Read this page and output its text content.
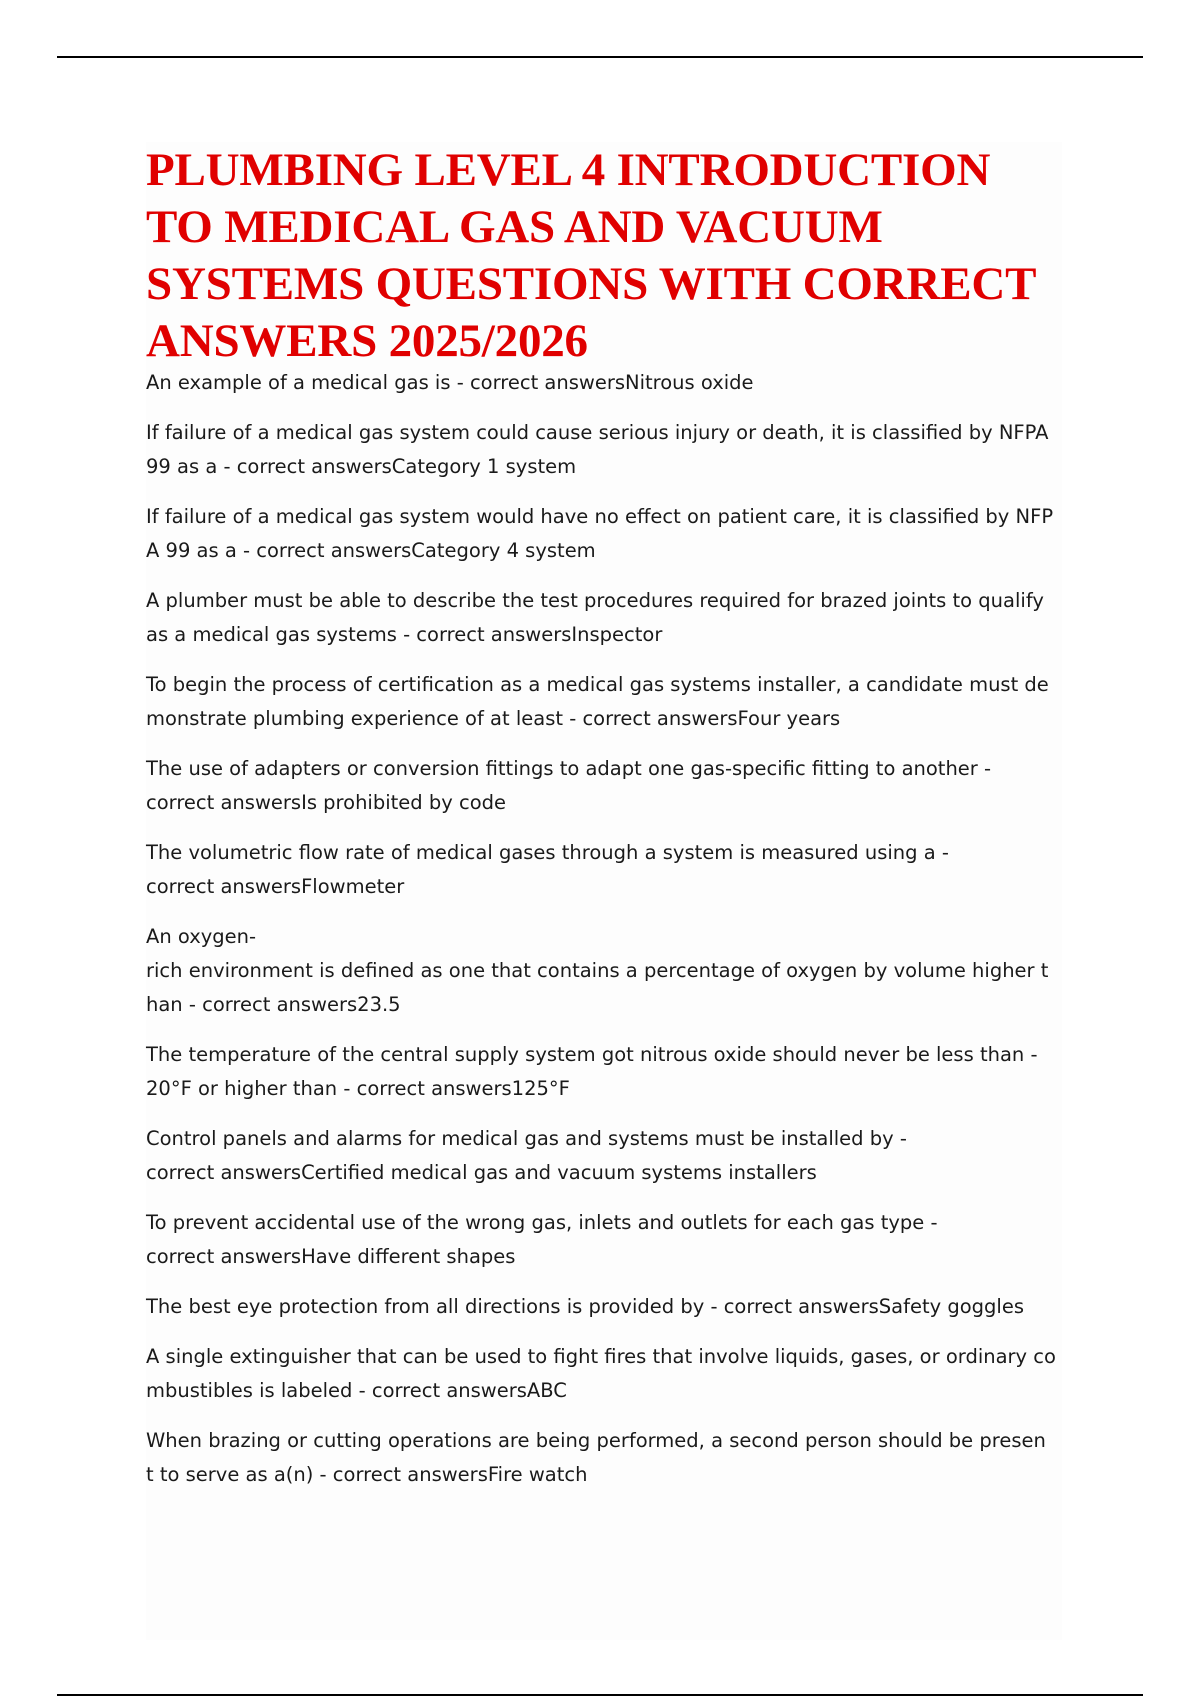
PLUMBING LEVEL 4 INTRODUCTION TO MEDICAL GAS AND VACUUM SYSTEMS QUESTIONS WITH CORRECT ANSWERS 2025/2026
An example of a medical gas is - correct answersNitrous oxide
If failure of a medical gas system could cause serious injury or death, it is classified by NFPA
99 as a - correct answersCategory 1 system
If failure of a medical gas system would have no effect on patient care, it is classified by NFP
A 99 as a - correct answersCategory 4 system
A plumber must be able to describe the test procedures required for brazed joints to qualify
as a medical gas systems - correct answersInspector
To begin the process of certification as a medical gas systems installer, a candidate must de
monstrate plumbing experience of at least - correct answersFour years
The use of adapters or conversion fittings to adapt one gas-specific fitting to another -
correct answersIs prohibited by code
The volumetric flow rate of medical gases through a system is measured using a -
correct answersFlowmeter
An oxygen-
rich environment is defined as one that contains a percentage of oxygen by volume higher t
han - correct answers23.5
The temperature of the central supply system got nitrous oxide should never be less than -
20°F or higher than - correct answers125°F
Control panels and alarms for medical gas and systems must be installed by -
correct answersCertified medical gas and vacuum systems installers
To prevent accidental use of the wrong gas, inlets and outlets for each gas type -
correct answersHave different shapes
The best eye protection from all directions is provided by - correct answersSafety goggles
A single extinguisher that can be used to fight fires that involve liquids, gases, or ordinary co
mbustibles is labeled - correct answersABC
When brazing or cutting operations are being performed, a second person should be presen
t to serve as a(n) - correct answersFire watch
